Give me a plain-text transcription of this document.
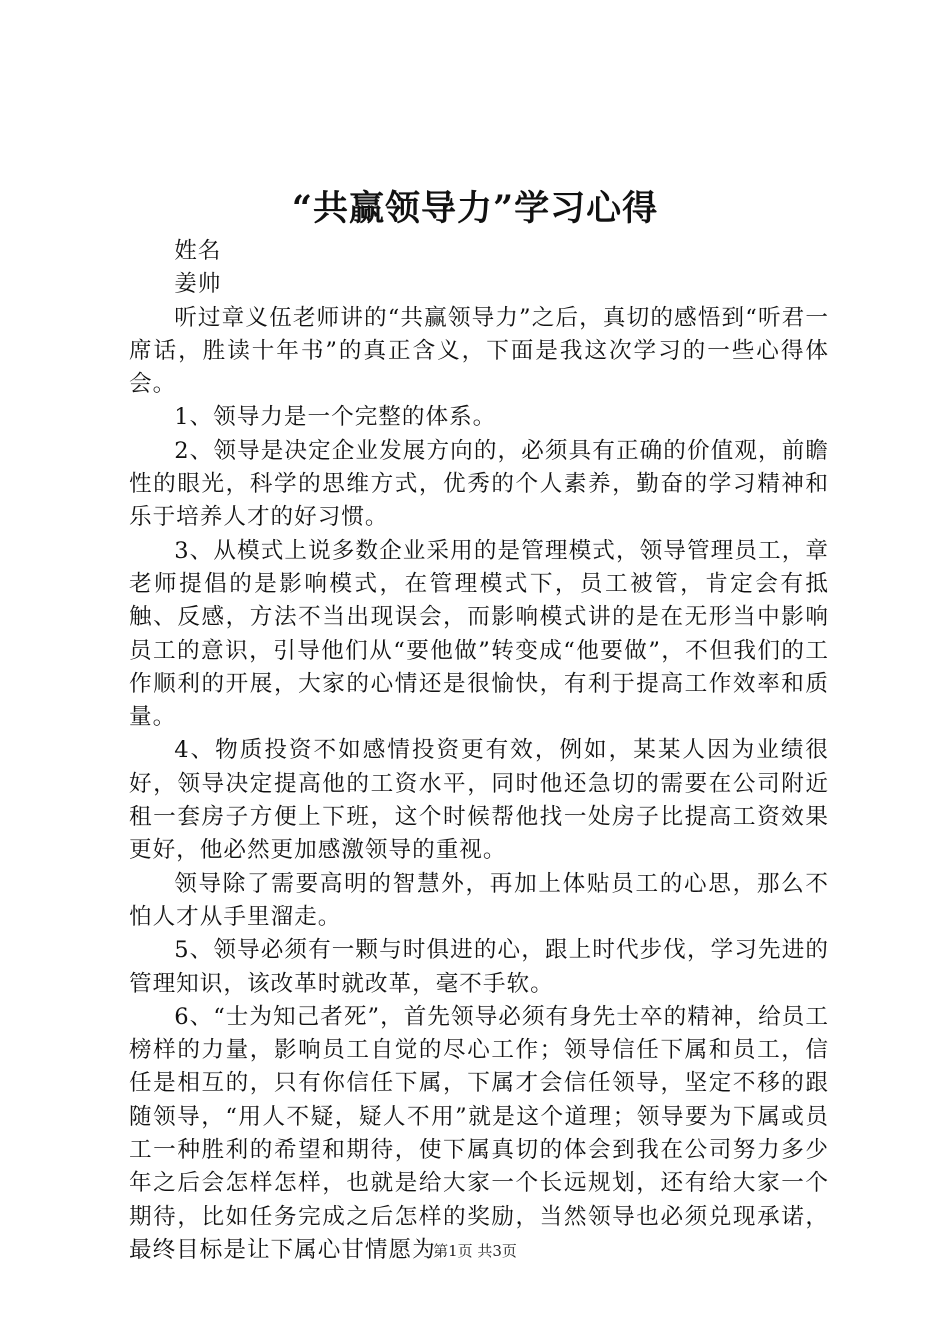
“共赢领导力”学习心得

姓名

姜帅

听过章义伍老师讲的“共赢领导力”之后，真切的感悟到“听君一席话，胜读十年书”的真正含义，下面是我这次学习的一些心得体会。

1、领导力是一个完整的体系。

2、领导是决定企业发展方向的，必须具有正确的价值观，前瞻性的眼光，科学的思维方式，优秀的个人素养，勤奋的学习精神和乐于培养人才的好习惯。

3、从模式上说多数企业采用的是管理模式，领导管理员工，章老师提倡的是影响模式，在管理模式下，员工被管，肯定会有抵触、反感，方法不当出现误会，而影响模式讲的是在无形当中影响员工的意识，引导他们从“要他做”转变成“他要做”，不但我们的工作顺利的开展，大家的心情还是很愉快，有利于提高工作效率和质量。

4、物质投资不如感情投资更有效，例如，某某人因为业绩很好，领导决定提高他的工资水平，同时他还急切的需要在公司附近租一套房子方便上下班，这个时候帮他找一处房子比提高工资效果更好，他必然更加感激领导的重视。

领导除了需要高明的智慧外，再加上体贴员工的心思，那么不怕人才从手里溜走。

5、领导必须有一颗与时俱进的心，跟上时代步伐，学习先进的管理知识，该改革时就改革，毫不手软。

6、“士为知己者死”，首先领导必须有身先士卒的精神，给员工榜样的力量，影响员工自觉的尽心工作；领导信任下属和员工，信任是相互的，只有你信任下属，下属才会信任领导，坚定不移的跟随领导，“用人不疑，疑人不用”就是这个道理；领导要为下属或员工一种胜利的希望和期待，使下属真切的体会到我在公司努力多少年之后会怎样怎样，也就是给大家一个长远规划，还有给大家一个期待，比如任务完成之后怎样的奖励，当然领导也必须兑现承诺，最终目标是让下属心甘情愿为

第1页 共3页
